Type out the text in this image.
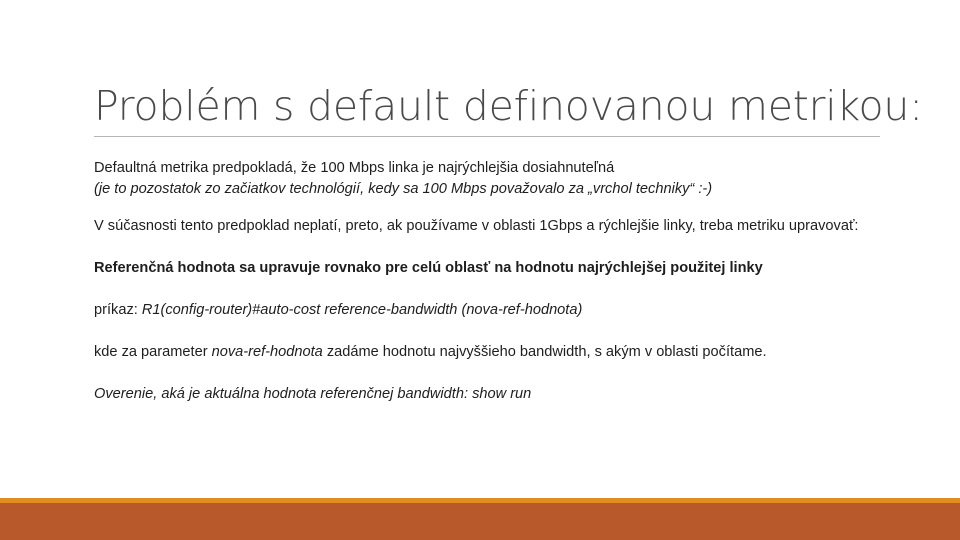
Problém s default definovanou metrikou:

Defaultná metrika predpokladá, že 100 Mbps linka je najrýchlejšia dosiahnuteľná
(je to pozostatok zo začiatkov technológií, kedy sa 100 Mbps považovalo za „vrchol techniky“ :-)

V súčasnosti tento predpoklad neplatí, preto, ak používame v oblasti 1Gbps a rýchlejšie linky, treba metriku upravovať:

Referenčná hodnota sa upravuje rovnako pre celú oblasť na hodnotu najrýchlejšej použitej linky

príkaz: R1(config-router)#auto-cost reference-bandwidth (nova-ref-hodnota)

kde za parameter nova-ref-hodnota zadáme hodnotu najvyššieho bandwidth, s akým v oblasti počítame.

Overenie, aká je aktuálna hodnota referenčnej bandwidth: show run
